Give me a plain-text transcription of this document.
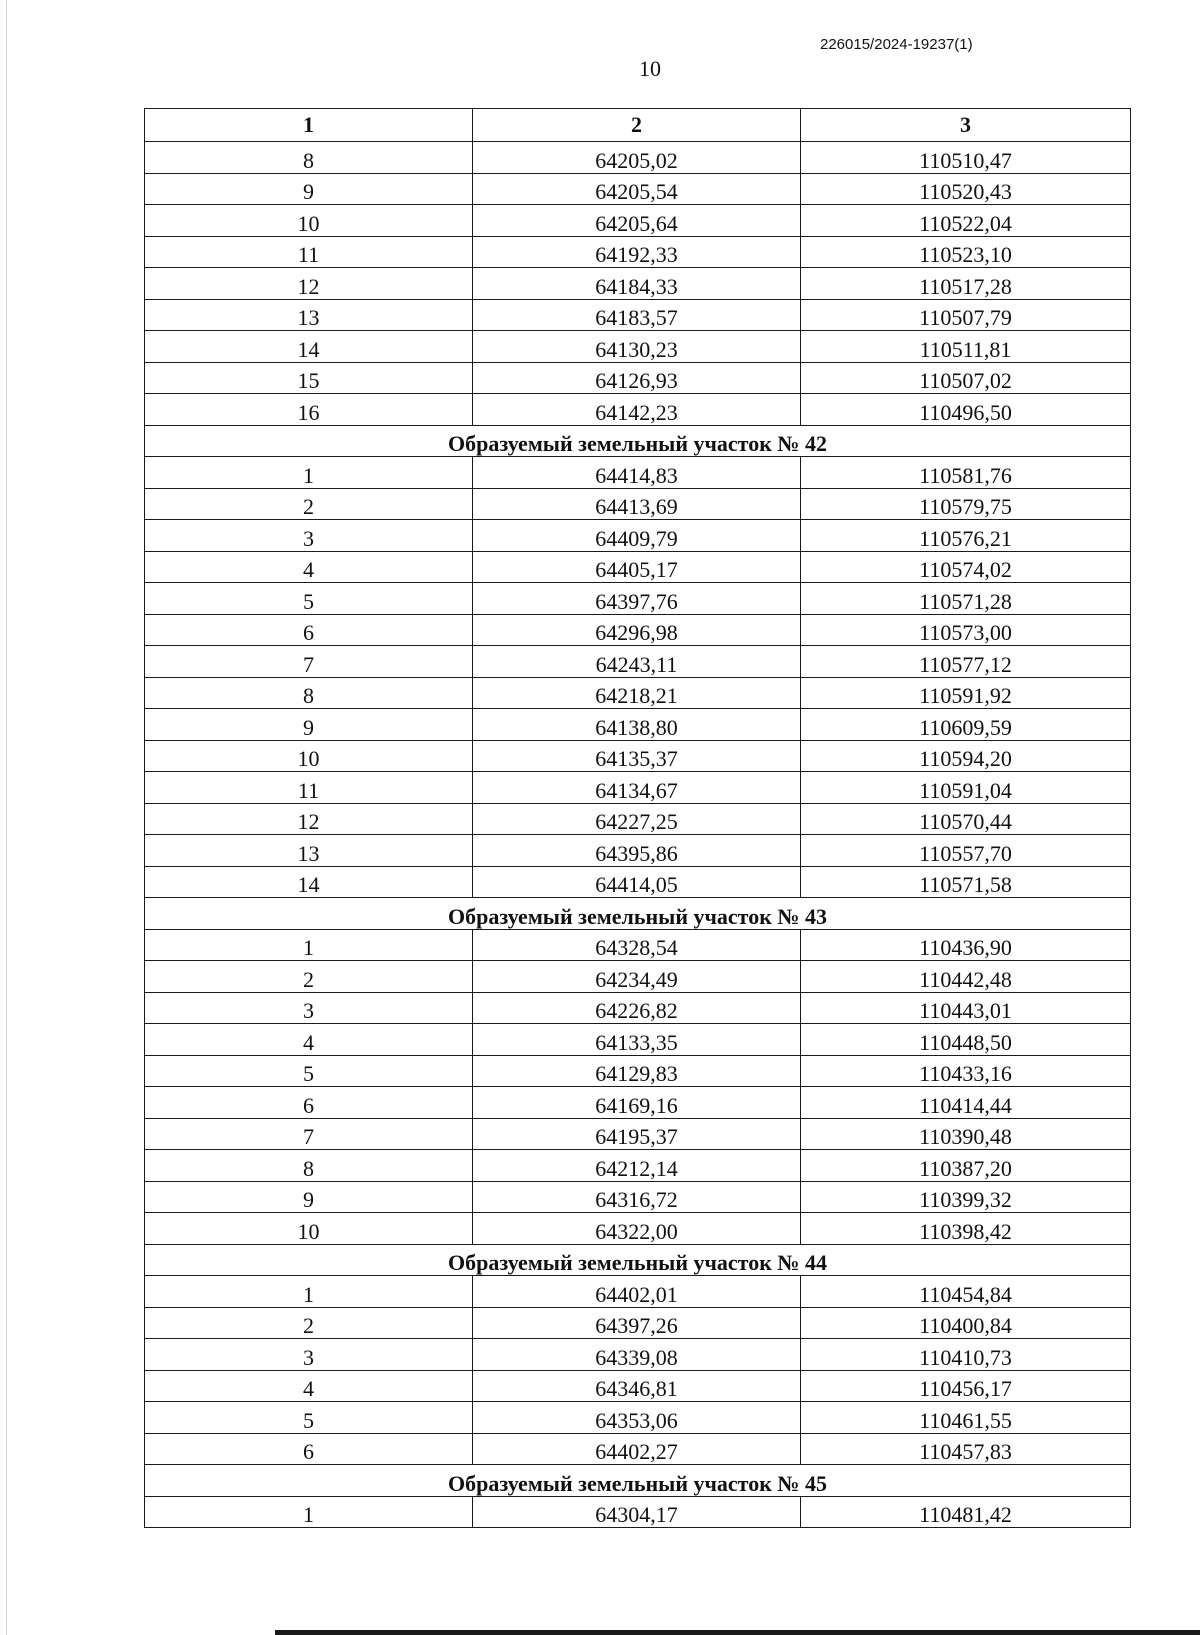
226015/2024-19237(1)
10
1	2	3
8	64205,02	110510,47
9	64205,54	110520,43
10	64205,64	110522,04
11	64192,33	110523,10
12	64184,33	110517,28
13	64183,57	110507,79
14	64130,23	110511,81
15	64126,93	110507,02
16	64142,23	110496,50
Образуемый земельный участок № 42		
1	64414,83	110581,76
2	64413,69	110579,75
3	64409,79	110576,21
4	64405,17	110574,02
5	64397,76	110571,28
6	64296,98	110573,00
7	64243,11	110577,12
8	64218,21	110591,92
9	64138,80	110609,59
10	64135,37	110594,20
11	64134,67	110591,04
12	64227,25	110570,44
13	64395,86	110557,70
14	64414,05	110571,58
Образуемый земельный участок № 43		
1	64328,54	110436,90
2	64234,49	110442,48
3	64226,82	110443,01
4	64133,35	110448,50
5	64129,83	110433,16
6	64169,16	110414,44
7	64195,37	110390,48
8	64212,14	110387,20
9	64316,72	110399,32
10	64322,00	110398,42
Образуемый земельный участок № 44		
1	64402,01	110454,84
2	64397,26	110400,84
3	64339,08	110410,73
4	64346,81	110456,17
5	64353,06	110461,55
6	64402,27	110457,83
Образуемый земельный участок № 45		
1	64304,17	110481,42
